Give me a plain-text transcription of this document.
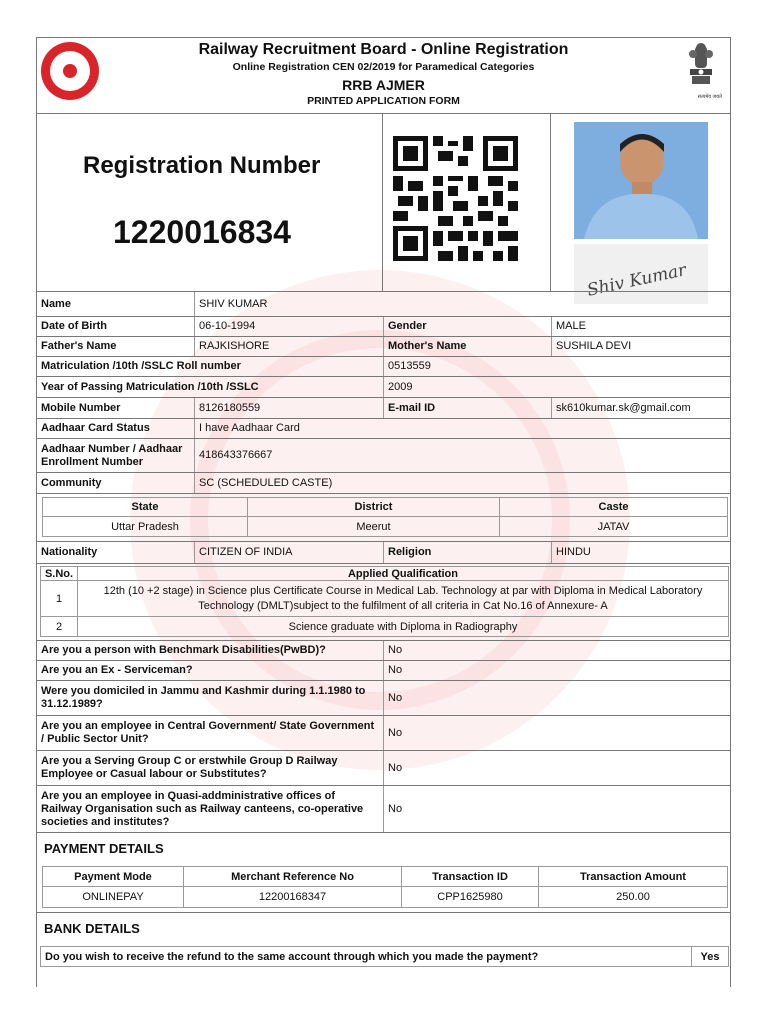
Railway Recruitment Board - Online Registration
Online Registration CEN 02/2019 for Paramedical Categories
RRB AJMER
PRINTED APPLICATION FORM	सत्यमेव जयते
Registration Number
1220016834
Shiv Kumar
Name	SHIV KUMAR
Date of Birth	06-10-1994	Gender	MALE
Father's Name	RAJKISHORE	Mother's Name	SUSHILA DEVI
Matriculation /10th /SSLC Roll number	0513559
Year of Passing Matriculation /10th /SSLC	2009
Mobile Number	8126180559	E-mail ID	sk610kumar.sk@gmail.com
Aadhaar Card Status	I have Aadhaar Card
Aadhaar Number / Aadhaar
Enrollment Number
418643376667
Community	SC (SCHEDULED CASTE)
State	District	Caste
Uttar Pradesh	Meerut	JATAV
Nationality	CITIZEN OF INDIA	Religion	HINDU
S.No.	Applied Qualification
1
12th (10 +2 stage) in Science plus Certificate Course in Medical Lab. Technology at par with Diploma in Medical Laboratory
Technology (DMLT)subject to the fulfilment of all criteria in Cat No.16 of Annexure- A
2	Science graduate with Diploma in Radiography
Are you a person with Benchmark Disabilities(PwBD)?	No
Are you an Ex - Serviceman?	No
Were you domiciled in Jammu and Kashmir during 1.1.1980 to
31.12.1989?
No
Are you an employee in Central Government/ State Government
/ Public Sector Unit?
No
Are you a Serving Group C or erstwhile Group D Railway
Employee or Casual labour or Substitutes?
No
Are you an employee in Quasi-addministrative offices of
Railway Organisation such as Railway canteens, co-operative
societies and institutes?
No
PAYMENT DETAILS
Payment Mode	Merchant Reference No	Transaction ID	Transaction Amount
ONLINEPAY	12200168347	CPP1625980	250.00
BANK DETAILS
Do you wish to receive the refund to the same account through which you made the payment?	Yes
